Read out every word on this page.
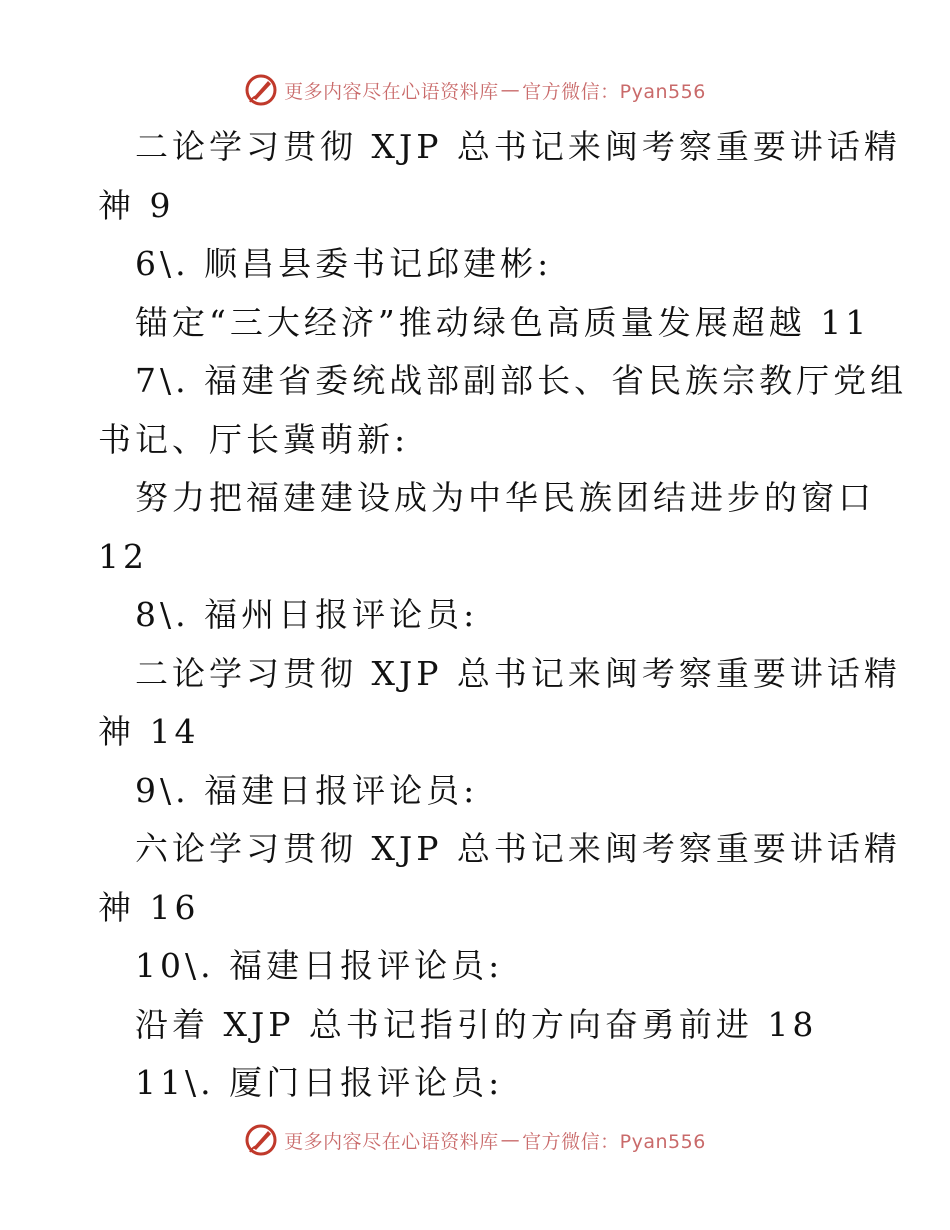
更多内容尽在心语资料库 — 官方微信：Pyan556
二论学习贯彻 XJP 总书记来闽考察重要讲话精
神 9
6\. 顺昌县委书记邱建彬:
锚定“三大经济”推动绿色高质量发展超越 11
7\. 福建省委统战部副部长、省民族宗教厅党组
书记、厅长冀萌新:
努力把福建建设成为中华民族团结进步的窗口
12
8\. 福州日报评论员:
二论学习贯彻 XJP 总书记来闽考察重要讲话精
神 14
9\. 福建日报评论员:
六论学习贯彻 XJP 总书记来闽考察重要讲话精
神 16
10\. 福建日报评论员:
沿着 XJP 总书记指引的方向奋勇前进 18
11\. 厦门日报评论员:
更多内容尽在心语资料库 — 官方微信：Pyan556
